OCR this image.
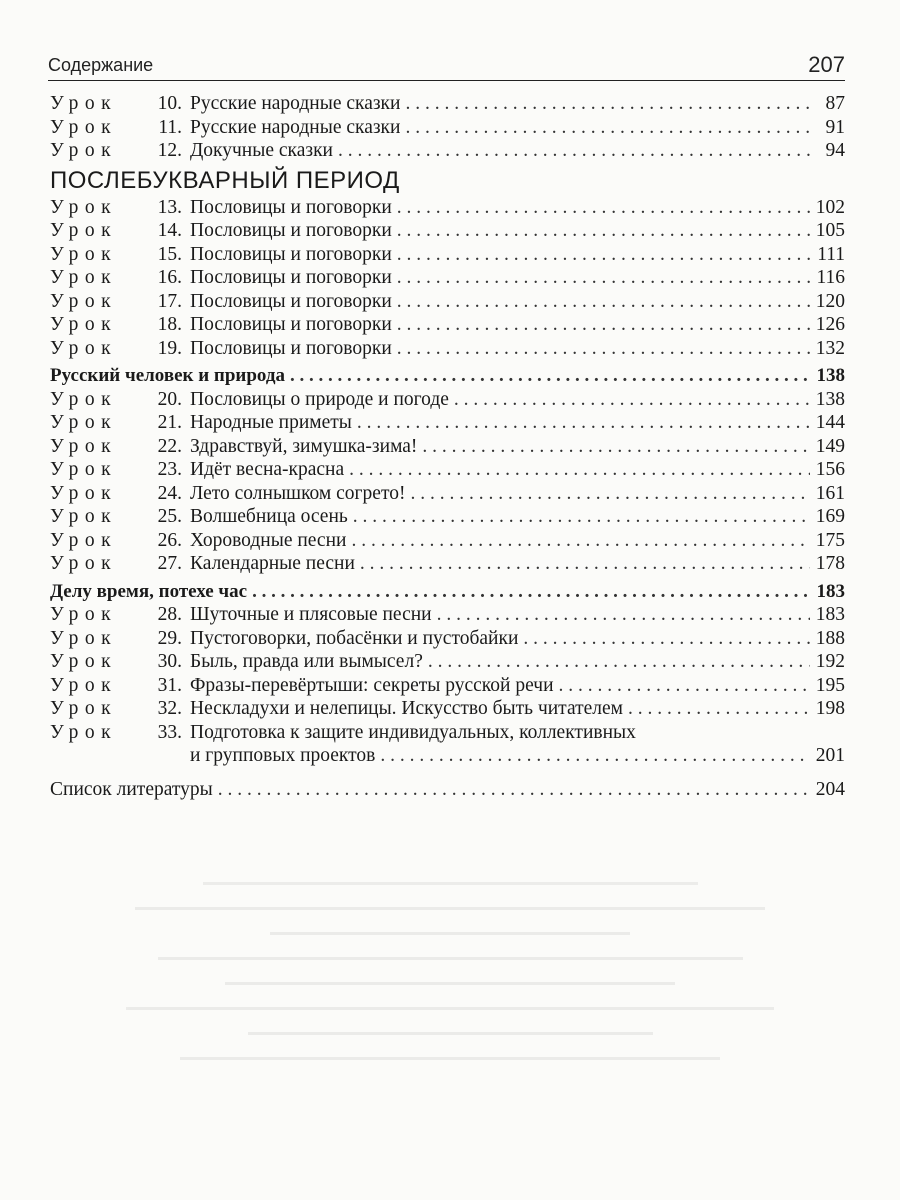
Содержание	207
Урок	10. Русские народные сказки . . .	87
Урок	11. Русские народные сказки . . .	91
Урок	12. Докучные сказки . . .	94
ПОСЛЕБУКВАРНЫЙ ПЕРИОД
Урок	13. Пословицы и поговорки . . .	102
Урок	14. Пословицы и поговорки . . .	105
Урок	15. Пословицы и поговорки . . .	111
Урок	16. Пословицы и поговорки . . .	116
Урок	17. Пословицы и поговорки . . .	120
Урок	18. Пословицы и поговорки . . .	126
Урок	19. Пословицы и поговорки . . .	132
Русский человек и природа . . .	138
Урок	20. Пословицы о природе и погоде . . .	138
Урок	21. Народные приметы . . .	144
Урок	22. Здравствуй, зимушка-зима! . . .	149
Урок	23. Идёт весна-красна . . .	156
Урок	24. Лето солнышком согрето! . . .	161
Урок	25. Волшебница осень . . .	169
Урок	26. Хороводные песни . . .	175
Урок	27. Календарные песни . . .	178
Делу время, потехе час . . .	183
Урок	28. Шуточные и плясовые песни . . .	183
Урок	29. Пустоговорки, побасёнки и пустобайки . . .	188
Урок	30. Быль, правда или вымысел? . . .	192
Урок	31. Фразы-перевёртыши: секреты русской речи . . .	195
Урок	32. Нескладухи и нелепицы. Искусство быть читателем . . .	198
Урок	33. Подготовка к защите индивидуальных, коллективных
и групповых проектов . . .	201
Список литературы . . .	204
